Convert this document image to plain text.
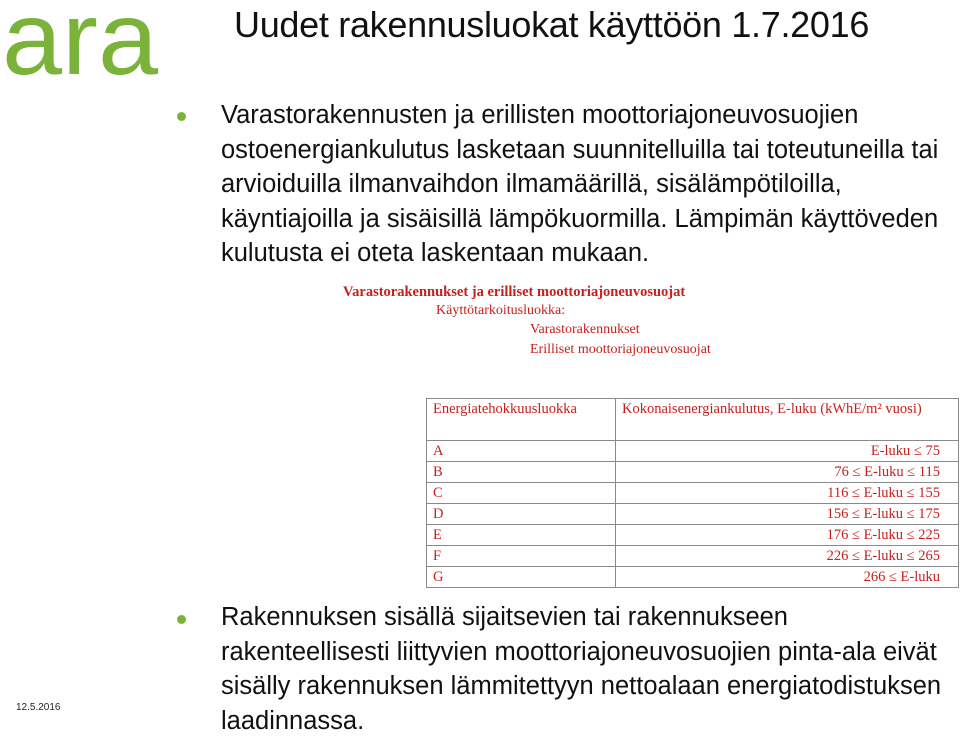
ara Uudet rakennusluokat käyttöön 1.7.2016

Varastorakennusten ja erillisten moottoriajoneuvosuojien ostoenergiankulutus lasketaan suunnitelluilla tai toteutuneilla tai arvioiduilla ilmanvaihdon ilmamäärillä, sisälämpötiloilla, käyntiajoilla ja sisäisillä lämpökuormilla. Lämpimän käyttöveden kulutusta ei oteta laskentaan mukaan.

Varastorakennukset ja erilliset moottoriajoneuvosuojat
Käyttötarkoitusluokka:
Varastorakennukset
Erilliset moottoriajoneuvosuojat
Energiatehokkuusluokka	Kokonaisenergiankulutus, E-luku (kWhE/m² vuosi)
A	E-luku ≤ 75
B	76 ≤ E-luku ≤ 115
C	116 ≤ E-luku ≤ 155
D	156 ≤ E-luku ≤ 175
E	176 ≤ E-luku ≤ 225
F	226 ≤ E-luku ≤ 265
G	266 ≤ E-luku

Rakennuksen sisällä sijaitsevien tai rakennukseen rakenteellisesti liittyvien moottoriajoneuvosuojien pinta-ala eivät sisälly rakennuksen lämmitettyyn nettoalaan energiatodistuksen laadinnassa.

12.5.2016
